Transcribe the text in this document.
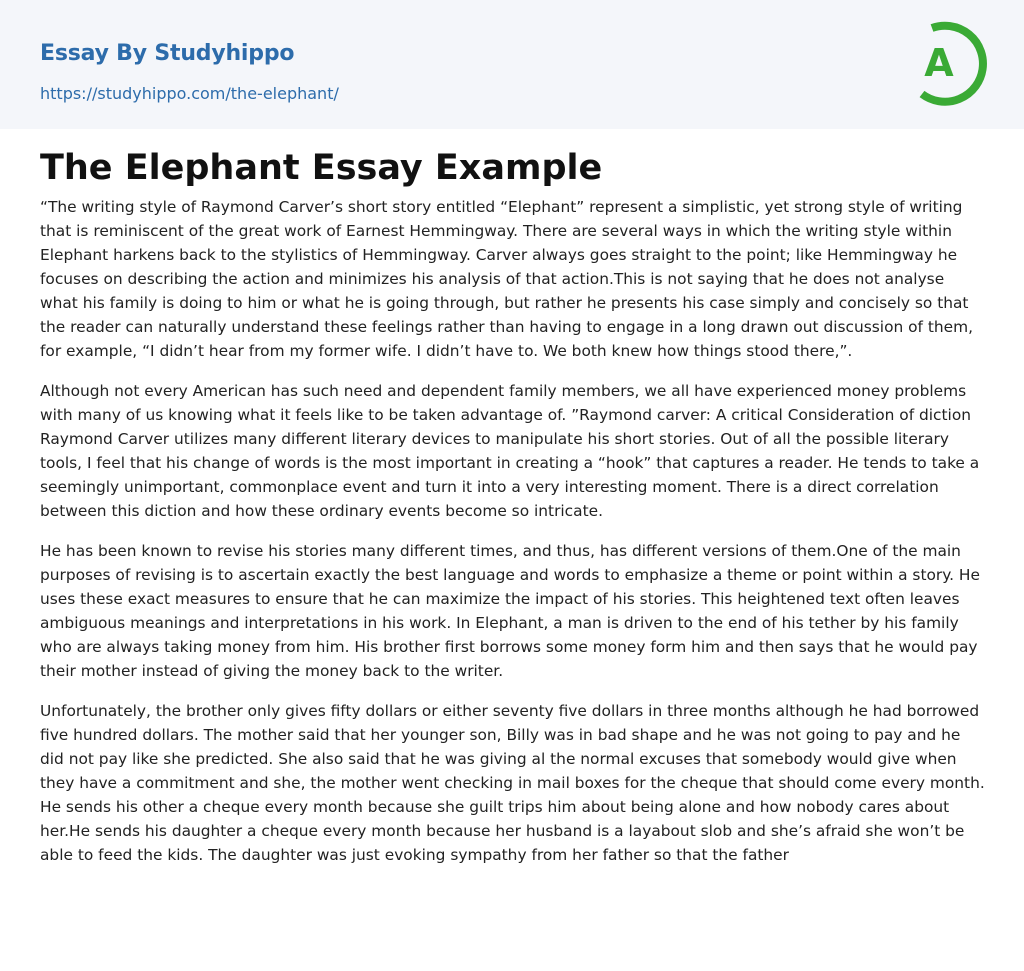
Essay By Studyhippo
https://studyhippo.com/the-elephant/
A
The Elephant Essay Example

“The writing style of Raymond Carver’s short story entitled “Elephant” represent a simplistic, yet strong style of writing that is reminiscent of the great work of Earnest Hemmingway. There are several ways in which the writing style within Elephant harkens back to the stylistics of Hemmingway. Carver always goes straight to the point; like Hemmingway he focuses on describing the action and minimizes his analysis of that action.This is not saying that he does not analyse what his family is doing to him or what he is going through, but rather he presents his case simply and concisely so that the reader can naturally understand these feelings rather than having to engage in a long drawn out discussion of them, for example, “I didn’t hear from my former wife. I didn’t have to. We both knew how things stood there,”.

Although not every American has such need and dependent family members, we all have experienced money problems with many of us knowing what it feels like to be taken advantage of. ”Raymond carver: A critical Consideration of diction Raymond Carver utilizes many different literary devices to manipulate his short stories. Out of all the possible literary tools, I feel that his change of words is the most important in creating a “hook” that captures a reader. He tends to take a seemingly unimportant, commonplace event and turn it into a very interesting moment. There is a direct correlation between this diction and how these ordinary events become so intricate.

He has been known to revise his stories many different times, and thus, has different versions of them.One of the main purposes of revising is to ascertain exactly the best language and words to emphasize a theme or point within a story. He uses these exact measures to ensure that he can maximize the impact of his stories. This heightened text often leaves ambiguous meanings and interpretations in his work. In Elephant, a man is driven to the end of his tether by his family who are always taking money from him. His brother first borrows some money form him and then says that he would pay their mother instead of giving the money back to the writer.

Unfortunately, the brother only gives fifty dollars or either seventy five dollars in three months although he had borrowed five hundred dollars. The mother said that her younger son, Billy was in bad shape and he was not going to pay and he did not pay like she predicted. She also said that he was giving al the normal excuses that somebody would give when they have a commitment and she, the mother went checking in mail boxes for the cheque that should come every month. He sends his other a cheque every month because she guilt trips him about being alone and how nobody cares about her.He sends his daughter a cheque every month because her husband is a layabout slob and she’s afraid she won’t be able to feed the kids. The daughter was just evoking sympathy from her father so that the father
